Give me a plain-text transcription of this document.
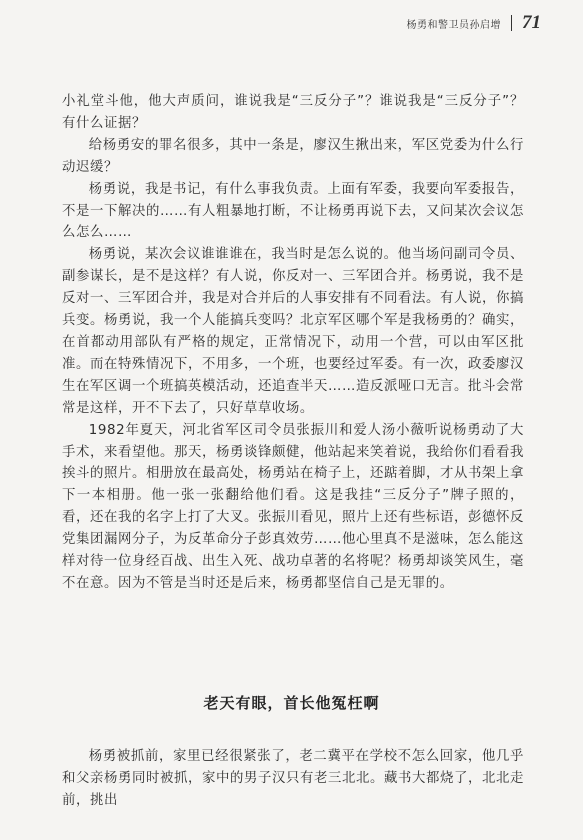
杨勇和警卫员孙启增 71

小礼堂斗他，他大声质问，谁说我是“三反分子”？谁说我是“三反分子”？有什么证据？

给杨勇安的罪名很多，其中一条是，廖汉生揪出来，军区党委为什么行动迟缓？

杨勇说，我是书记，有什么事我负责。上面有军委，我要向军委报告，不是一下解决的……有人粗暴地打断，不让杨勇再说下去，又问某次会议怎么怎么……

杨勇说，某次会议谁谁谁在，我当时是怎么说的。他当场问副司令员、副参谋长，是不是这样？有人说，你反对一、三军团合并。杨勇说，我不是反对一、三军团合并，我是对合并后的人事安排有不同看法。有人说，你搞兵变。杨勇说，我一个人能搞兵变吗？北京军区哪个军是我杨勇的？确实，在首都动用部队有严格的规定，正常情况下，动用一个营，可以由军区批准。而在特殊情况下，不用多，一个班，也要经过军委。有一次，政委廖汉生在军区调一个班搞英模活动，还追查半天……造反派哑口无言。批斗会常常是这样，开不下去了，只好草草收场。

1982年夏天，河北省军区司令员张振川和爱人汤小薇听说杨勇动了大手术，来看望他。那天，杨勇谈锋颇健，他站起来笑着说，我给你们看看我挨斗的照片。相册放在最高处，杨勇站在椅子上，还踮着脚，才从书架上拿下一本相册。他一张一张翻给他们看。这是我挂“三反分子”牌子照的，看，还在我的名字上打了大叉。张振川看见，照片上还有些标语，彭德怀反党集团漏网分子，为反革命分子彭真效劳……他心里真不是滋味，怎么能这样对待一位身经百战、出生入死、战功卓著的名将呢？杨勇却谈笑风生，毫不在意。因为不管是当时还是后来，杨勇都坚信自己是无罪的。

老天有眼，首长他冤枉啊

杨勇被抓前，家里已经很紧张了，老二冀平在学校不怎么回家，他几乎和父亲杨勇同时被抓，家中的男子汉只有老三北北。藏书大都烧了，北北走前，挑出
